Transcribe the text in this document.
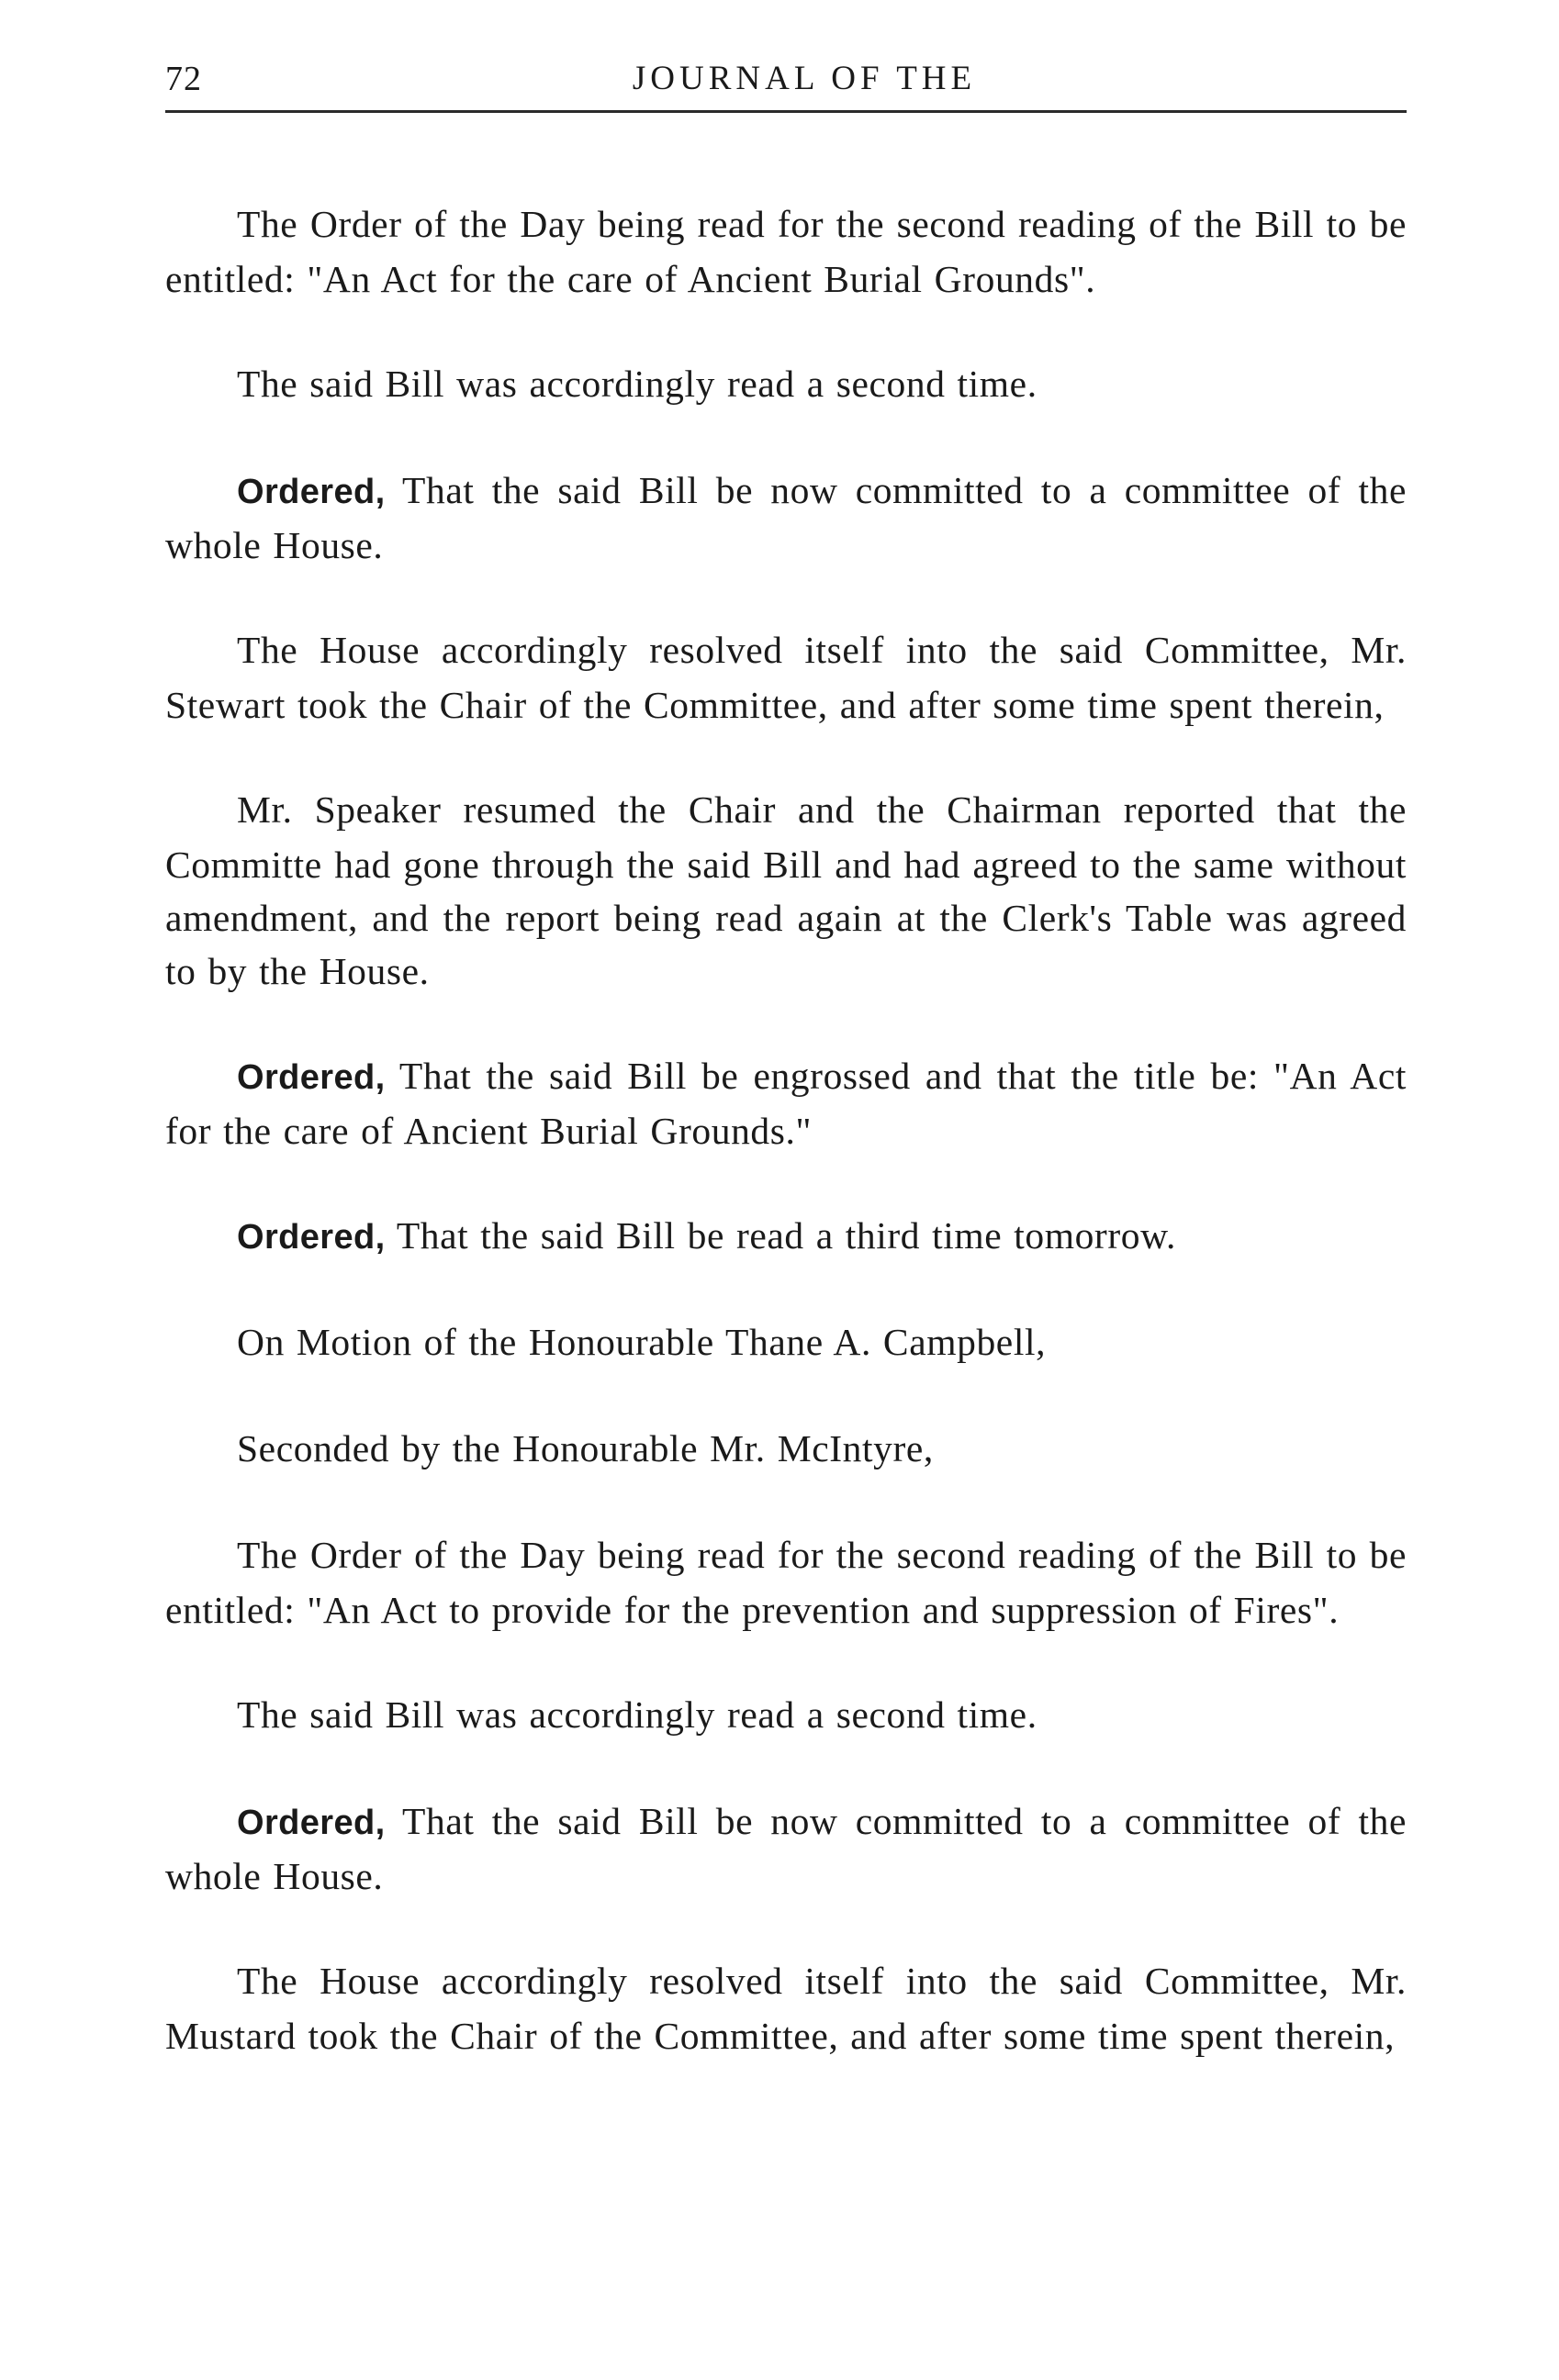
72	JOURNAL OF THE

The Order of the Day being read for the second reading of the Bill to be entitled: "An Act for the care of Ancient Burial Grounds".

The said Bill was accordingly read a second time.

Ordered, That the said Bill be now committed to a committee of the whole House.

The House accordingly resolved itself into the said Committee, Mr. Stewart took the Chair of the Committee, and after some time spent therein,

Mr. Speaker resumed the Chair and the Chairman reported that the Committe had gone through the said Bill and had agreed to the same without amendment, and the report being read again at the Clerk's Table was agreed to by the House.

Ordered, That the said Bill be engrossed and that the title be: "An Act for the care of Ancient Burial Grounds."

Ordered, That the said Bill be read a third time tomorrow.

On Motion of the Honourable Thane A. Campbell,

Seconded by the Honourable Mr. McIntyre,

The Order of the Day being read for the second reading of the Bill to be entitled: "An Act to provide for the prevention and suppression of Fires".

The said Bill was accordingly read a second time.

Ordered, That the said Bill be now committed to a committee of the whole House.

The House accordingly resolved itself into the said Committee, Mr. Mustard took the Chair of the Committee, and after some time spent therein,
